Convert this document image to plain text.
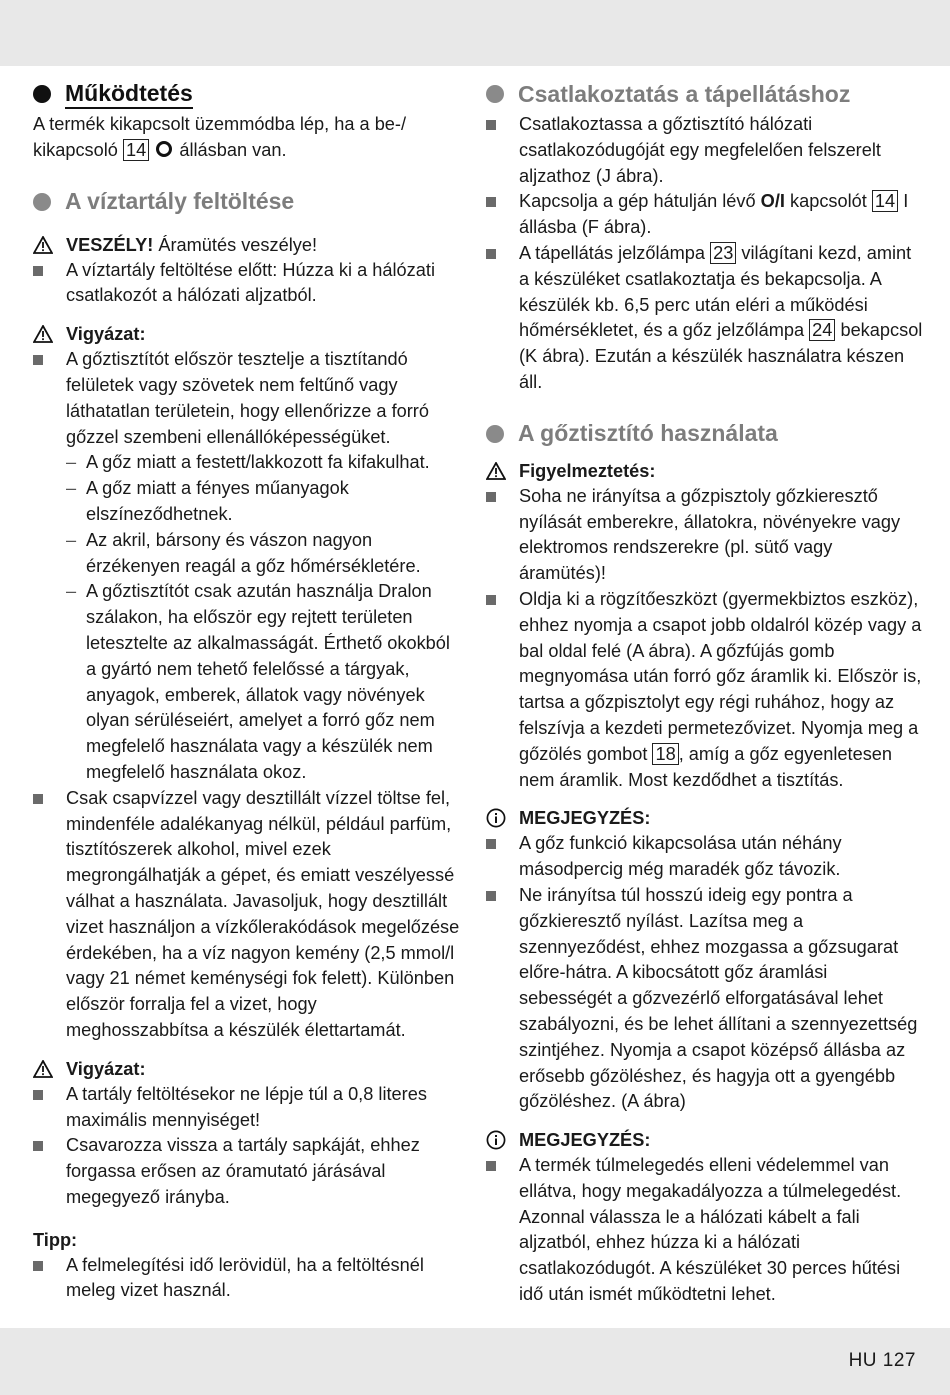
Működtetés

A termék kikapcsolt üzemmódba lép, ha a be-/
kikapcsoló 14 állásban van.

A víztartály feltöltése
VESZÉLY!
Áramütés veszélye!
A víztartály feltöltése előtt: Húzza ki a hálózati csatlakozót a hálózati aljzatból.
Vigyázat:
A gőztisztítót először tesztelje a tisztítandó felületek vagy szövetek nem feltűnő vagy láthatatlan területein, hogy ellenőrizze a forró gőzzel szembeni ellenállóképességüket.
– A gőz miatt a festett/lakkozott fa kifakulhat.
– A gőz miatt a fényes műanyagok elszíneződhetnek.
– Az akril, bársony és vászon nagyon érzékenyen reagál a gőz hőmérsékletére.
– A gőztisztítót csak azután használja Dralon szálakon, ha először egy rejtett területen letesztelte az alkalmasságát. Érthető okokból a gyártó nem tehető felelőssé a tárgyak, anyagok, emberek, állatok vagy növények olyan sérüléseiért, amelyet a forró gőz nem megfelelő használata vagy a készülék nem megfelelő használata okoz.
Csak csapvízzel vagy desztillált vízzel töltse fel, mindenféle adalékanyag nélkül, például parfüm, tisztítószerek alkohol, mivel ezek megrongálhatják a gépet, és emiatt veszélyessé válhat a használata. Javasoljuk, hogy desztillált vizet használjon a vízkőlerakódások megelőzése érdekében, ha a víz nagyon kemény (2,5 mmol/l vagy 21 német keménységi fok felett). Különben először forralja fel a vizet, hogy meghosszabbítsa a készülék élettartamát.
Vigyázat:
A tartály feltöltésekor ne lépje túl a 0,8 literes maximális mennyiséget!
Csavarozza vissza a tartály sapkáját, ehhez forgassa erősen az óramutató járásával megegyező irányba.
Tipp:
A felmelegítési idő lerövidül, ha a feltöltésnél meleg vizet használ.
Csatlakoztatás a tápellátáshoz
Csatlakoztassa a gőztisztító hálózati csatlakozódugóját egy megfelelően felszerelt aljzathoz (J ábra).
Kapcsolja a gép hátulján lévő O/I kapcsolót 14 I állásba (F ábra).
A tápellátás jelzőlámpa 23 világítani kezd, amint a készüléket csatlakoztatja és bekapcsolja. A készülék kb. 6,5 perc után eléri a működési hőmérsékletet, és a gőz jelzőlámpa 24 bekapcsol (K ábra). Ezután a készülék használatra készen áll.
A gőztisztító használata
Figyelmeztetés:
Soha ne irányítsa a gőzpisztoly gőzkieresztő nyílását emberekre, állatokra, növényekre vagy elektromos rendszerekre (pl. sütő vagy áramütés)!
Oldja ki a rögzítőeszközt (gyermekbiztos eszköz), ehhez nyomja a csapot jobb oldalról közép vagy a bal oldal felé (A ábra). A gőzfújás gomb megnyomása után forró gőz áramlik ki. Először is, tartsa a gőzpisztolyt egy régi ruhához, hogy az felszívja a kezdeti permetezővizet. Nyomja meg a gőzölés gombot 18 , amíg a gőz egyenletesen nem áramlik. Most kezdődhet a tisztítás.
MEGJEGYZÉS:
A gőz funkció kikapcsolása után néhány másodpercig még maradék gőz távozik.
Ne irányítsa túl hosszú ideig egy pontra a gőzkieresztő nyílást. Lazítsa meg a szennyeződést, ehhez mozgassa a gőzsugarat előre-hátra. A kibocsátott gőz áramlási sebességét a gőzvezérlő elforgatásával lehet szabályozni, és be lehet állítani a szennyezettség szintjéhez. Nyomja a csapot középső állásba az erősebb gőzöléshez, és hagyja ott a gyengébb gőzöléshez. (A ábra)
MEGJEGYZÉS:
A termék túlmelegedés elleni védelemmel van ellátva, hogy megakadályozza a túlmelegedést. Azonnal válassza le a hálózati kábelt a fali aljzatból, ehhez húzza ki a hálózati csatlakozódugót. A készüléket 30 perces hűtési idő után ismét működtetni lehet.
HU 127
